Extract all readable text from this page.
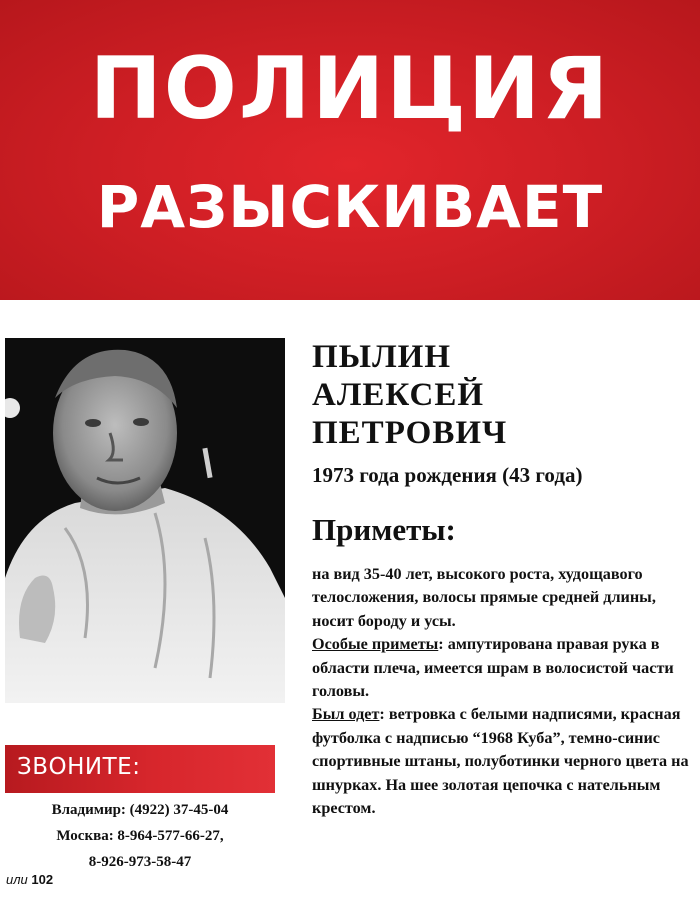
ПОЛИЦИЯ
РАЗЫСКИВАЕТ
ПЫЛИН
АЛЕКСЕЙ
ПЕТРОВИЧ
1973 года рождения (43 года)
Приметы:

на вид 35-40 лет, высокого роста, худощавого телосложения, волосы прямые средней длины, носит бороду и усы.

Особые приметы: ампутирована правая рука в области плеча, имеется шрам в волосистой части головы.

Был одет: ветровка с белыми надписями, красная футболка с надписью “1968 Куба”, темно-синис спортивные штаны, полуботинки черного цвета на шнурках. На шее золотая цепочка с нательным крестом.

ЗВОНИТЕ:
Владимир: (4922) 37-45-04
Москва: 8-964-577-66-27,
8-926-973-58-47
или 102
